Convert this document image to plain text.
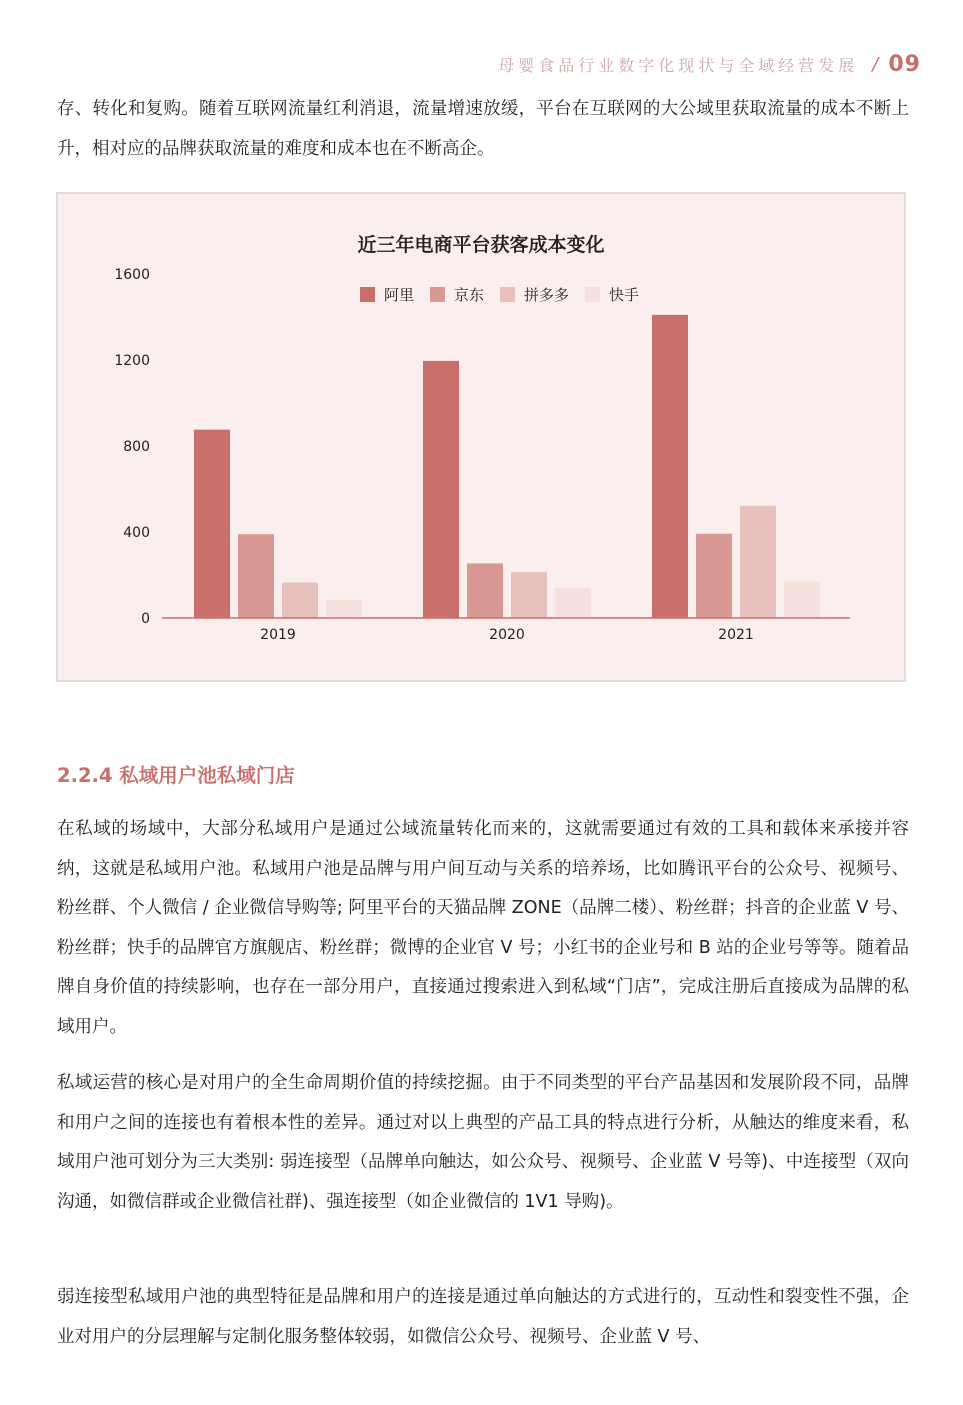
母婴食品行业数字化现状与全域经营发展 / 09

存、转化和复购。随着互联网流量红利消退，流量增速放缓，平台在互联网的大公域里获取流量的成本不断上升，相对应的品牌获取流量的难度和成本也在不断高企。

近三年电商平台获客成本变化
阿里	京东	拼多多	快手
0
400
800
1200
1600
2019	2020	2021
2.2.4 私域用户池私域门店

在私域的场域中，大部分私域用户是通过公域流量转化而来的，这就需要通过有效的工具和载体来承接并容纳，这就是私域用户池。私域用户池是品牌与用户间互动与关系的培养场，比如腾讯平台的公众号、视频号、粉丝群、个人微信 / 企业微信导购等; 阿里平台的天猫品牌 ZONE（品牌二楼）、粉丝群；抖音的企业蓝 V 号、粉丝群；快手的品牌官方旗舰店、粉丝群；微博的企业官 V 号；小红书的企业号和 B 站的企业号等等。随着品牌自身价值的持续影响，也存在一部分用户，直接通过搜索进入到私域“门店”，完成注册后直接成为品牌的私域用户。

私域运营的核心是对用户的全生命周期价值的持续挖掘。由于不同类型的平台产品基因和发展阶段不同，品牌和用户之间的连接也有着根本性的差异。通过对以上典型的产品工具的特点进行分析，从触达的维度来看，私域用户池可划分为三大类别: 弱连接型（品牌单向触达，如公众号、视频号、企业蓝 V 号等)、中连接型（双向沟通，如微信群或企业微信社群)、强连接型（如企业微信的 1V1 导购)。

弱连接型私域用户池的典型特征是品牌和用户的连接是通过单向触达的方式进行的，互动性和裂变性不强，企业对用户的分层理解与定制化服务整体较弱，如微信公众号、视频号、企业蓝 V 号、
